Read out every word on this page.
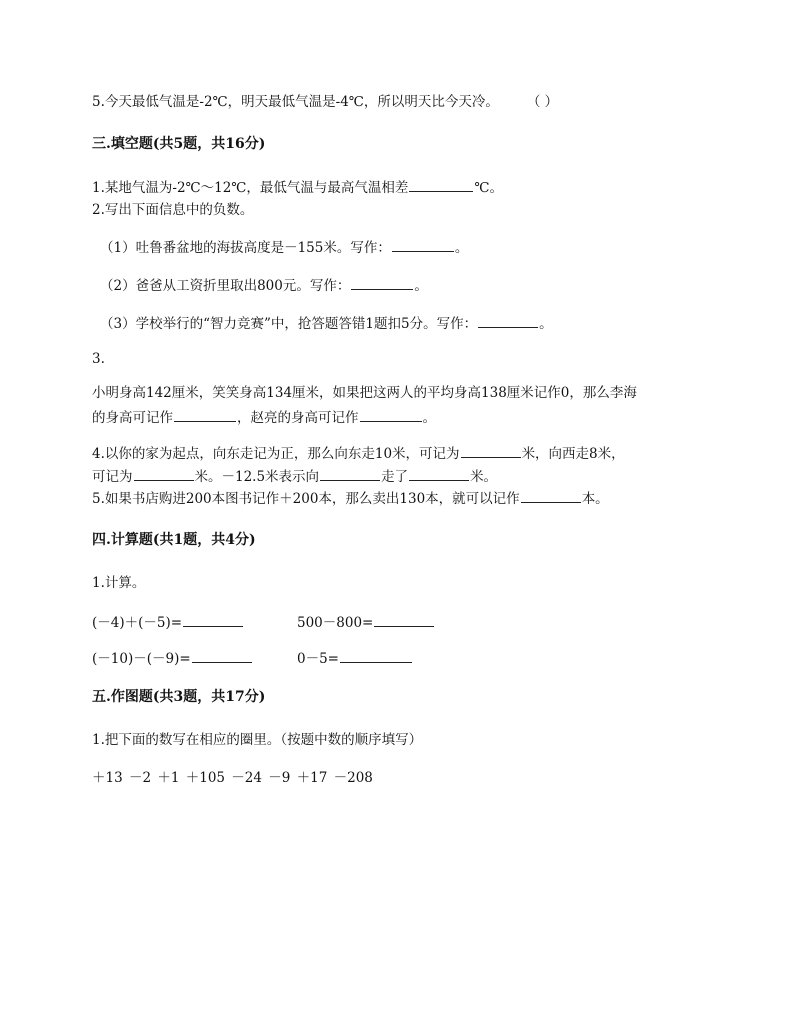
5.今天最低气温是-2℃，明天最低气温是-4℃，所以明天比今天冷。 （ ）
三.填空题(共5题，共16分)
1.某地气温为-2℃～12℃，最低气温与最高气温相差	℃。
2.写出下面信息中的负数。
（1）吐鲁番盆地的海拔高度是－155米。写作：	。
（2）爸爸从工资折里取出800元。写作：	。
（3）学校举行的“智力竞赛”中，抢答题答错1题扣5分。写作：	。
3.
小明身高142厘米，笑笑身高134厘米，如果把这两人的平均身高138厘米记作0，那么李海
的身高可记作	，赵亮的身高可记作	。
4.以你的家为起点，向东走记为正，那么向东走10米，可记为	米，向西走8米，
可记为	米。－12.5米表示向	走了	米。
5.如果书店购进200本图书记作＋200本，那么卖出130本，就可以记作	本。
四.计算题(共1题，共4分)
1.计算。
(－4)＋(－5)=	500－800=
(－10)－(－9)=	0－5=
五.作图题(共3题，共17分)
1.把下面的数写在相应的圈里。（按题中数的顺序填写）
＋13 －2 ＋1 ＋105 －24 －9 ＋17 －208
